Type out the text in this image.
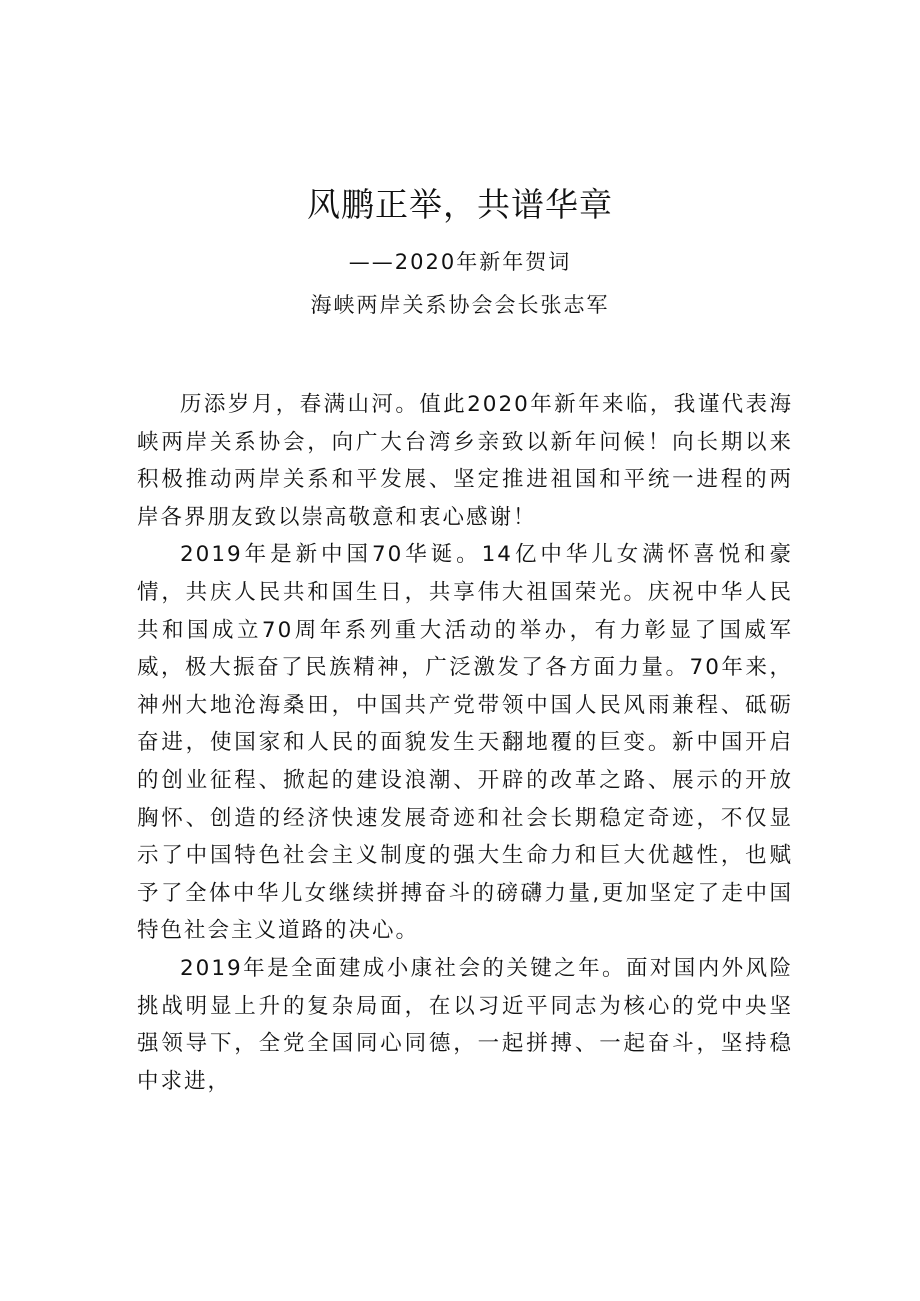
风鹏正举，共谱华章
——2020年新年贺词
海峡两岸关系协会会长张志军

历添岁月，春满山河。值此2020年新年来临，我谨代表海峡两岸关系协会，向广大台湾乡亲致以新年问候！向长期以来积极推动两岸关系和平发展、坚定推进祖国和平统一进程的两岸各界朋友致以崇高敬意和衷心感谢！

2019年是新中国70华诞。14亿中华儿女满怀喜悦和豪情，共庆人民共和国生日，共享伟大祖国荣光。庆祝中华人民共和国成立70周年系列重大活动的举办，有力彰显了国威军威，极大振奋了民族精神，广泛激发了各方面力量。70年来，神州大地沧海桑田，中国共产党带领中国人民风雨兼程、砥砺奋进，使国家和人民的面貌发生天翻地覆的巨变。新中国开启的创业征程、掀起的建设浪潮、开辟的改革之路、展示的开放胸怀、创造的经济快速发展奇迹和社会长期稳定奇迹，不仅显示了中国特色社会主义制度的强大生命力和巨大优越性，也赋予了全体中华儿女继续拼搏奋斗的磅礴力量,更加坚定了走中国特色社会主义道路的决心。

2019年是全面建成小康社会的关键之年。面对国内外风险挑战明显上升的复杂局面，在以习近平同志为核心的党中央坚强领导下，全党全国同心同德，一起拼搏、一起奋斗，坚持稳中求进，
